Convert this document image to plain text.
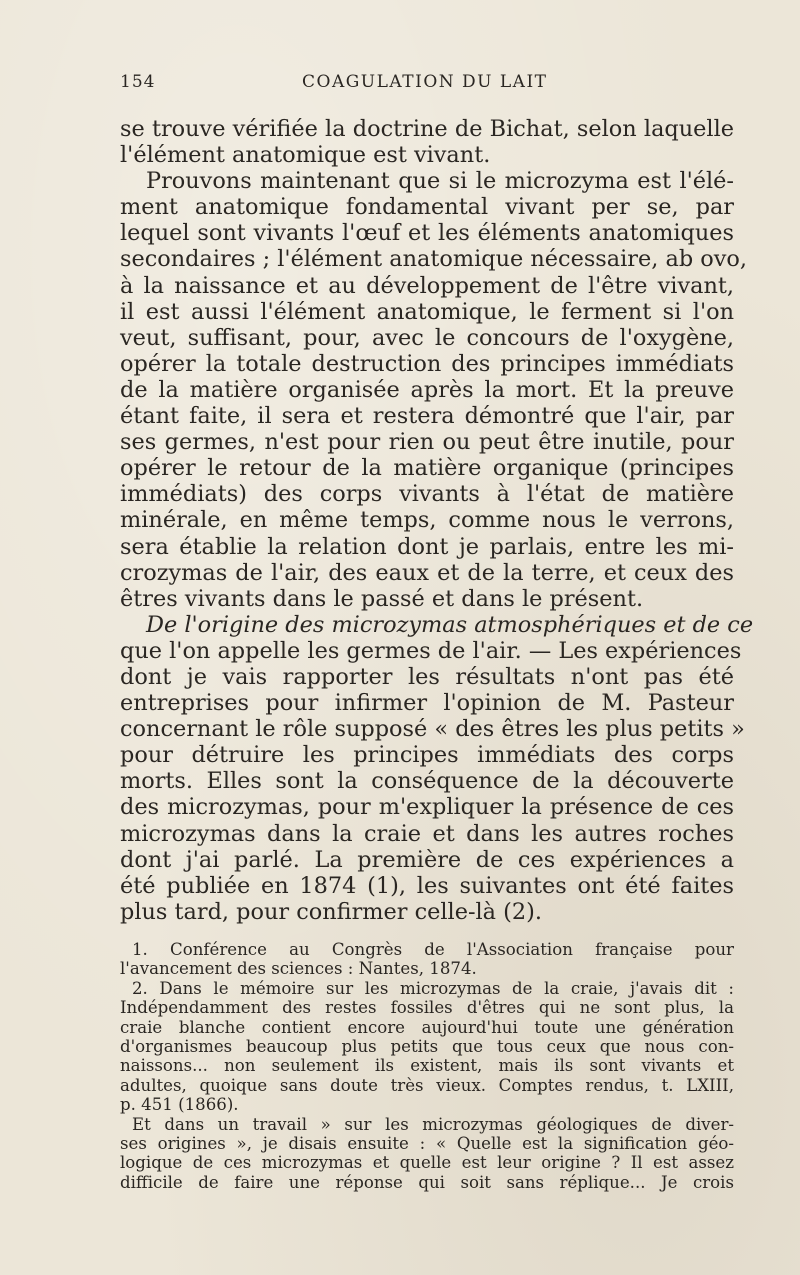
154	COAGULATION DU LAIT
se trouve vérifiée la doctrine de Bichat, selon laquelle
l'élément anatomique est vivant.
Prouvons maintenant que si le microzyma est l'élé-
ment anatomique fondamental vivant per se, par
lequel sont vivants l'œuf et les éléments anatomiques
secondaires ; l'élément anatomique nécessaire, ab ovo,
à la naissance et au développement de l'être vivant,
il est aussi l'élément anatomique, le ferment si l'on
veut, suffisant, pour, avec le concours de l'oxygène,
opérer la totale destruction des principes immédiats
de la matière organisée après la mort. Et la preuve
étant faite, il sera et restera démontré que l'air, par
ses germes, n'est pour rien ou peut être inutile, pour
opérer le retour de la matière organique (principes
immédiats) des corps vivants à l'état de matière
minérale, en même temps, comme nous le verrons,
sera établie la relation dont je parlais, entre les mi-
crozymas de l'air, des eaux et de la terre, et ceux des
êtres vivants dans le passé et dans le présent.
De l'origine des microzymas atmosphériques et de ce
que l'on appelle les germes de l'air. — Les expériences
dont je vais rapporter les résultats n'ont pas été
entreprises pour infirmer l'opinion de M. Pasteur
concernant le rôle supposé « des êtres les plus petits »
pour détruire les principes immédiats des corps
morts. Elles sont la conséquence de la découverte
des microzymas, pour m'expliquer la présence de ces
microzymas dans la craie et dans les autres roches
dont j'ai parlé. La première de ces expériences a
été publiée en 1874 (1), les suivantes ont été faites
plus tard, pour confirmer celle-là (2).
1. Conférence au Congrès de l'Association française pour
l'avancement des sciences : Nantes, 1874.
2. Dans le mémoire sur les microzymas de la craie, j'avais dit :
Indépendamment des restes fossiles d'êtres qui ne sont plus, la
craie blanche contient encore aujourd'hui toute une génération
d'organismes beaucoup plus petits que tous ceux que nous con-
naissons... non seulement ils existent, mais ils sont vivants et
adultes, quoique sans doute très vieux. Comptes rendus, t. LXIII,
p. 451 (1866).
Et dans un travail » sur les microzymas géologiques de diver-
ses origines », je disais ensuite : « Quelle est la signification géo-
logique de ces microzymas et quelle est leur origine ? Il est assez
difficile de faire une réponse qui soit sans réplique... Je crois
